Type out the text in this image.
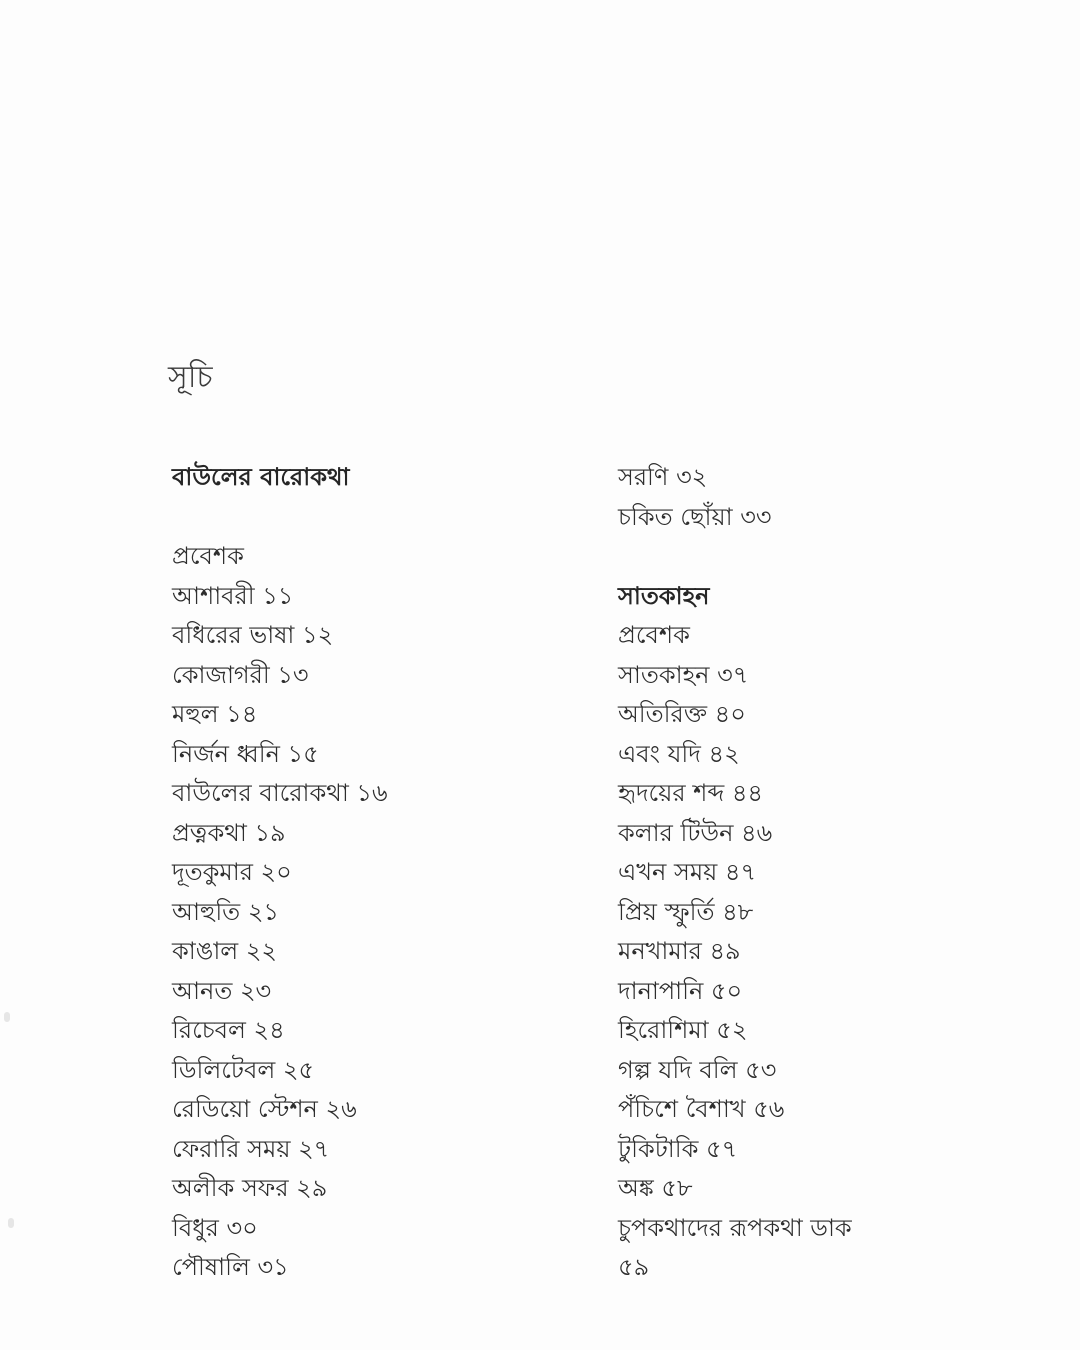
সূচি
বাউলের বারোকথা
প্রবেশক
আশাবরী ১১
বধিরের ভাষা ১২
কোজাগরী ১৩
মহুল ১৪
নির্জন ধ্বনি ১৫
বাউলের বারোকথা ১৬
প্রত্নকথা ১৯
দূতকুমার ২০
আহুতি ২১
কাঙাল ২২
আনত ২৩
রিচেবল ২৪
ডিলিটেবল ২৫
রেডিয়ো স্টেশন ২৬
ফেরারি সময় ২৭
অলীক সফর ২৯
বিধুর ৩০
পৌষালি ৩১
সরণি ৩২
চকিত ছোঁয়া ৩৩
সাতকাহন
প্রবেশক
সাতকাহন ৩৭
অতিরিক্ত ৪০
এবং যদি ৪২
হৃদয়ের শব্দ ৪৪
কলার টিউন ৪৬
এখন সময় ৪৭
প্রিয় স্ফুর্তি ৪৮
মনখামার ৪৯
দানাপানি ৫০
হিরোশিমা ৫২
গল্প যদি বলি ৫৩
পঁচিশে বৈশাখ ৫৬
টুকিটাকি ৫৭
অঙ্ক ৫৮
চুপকথাদের রূপকথা ডাক
৫৯
